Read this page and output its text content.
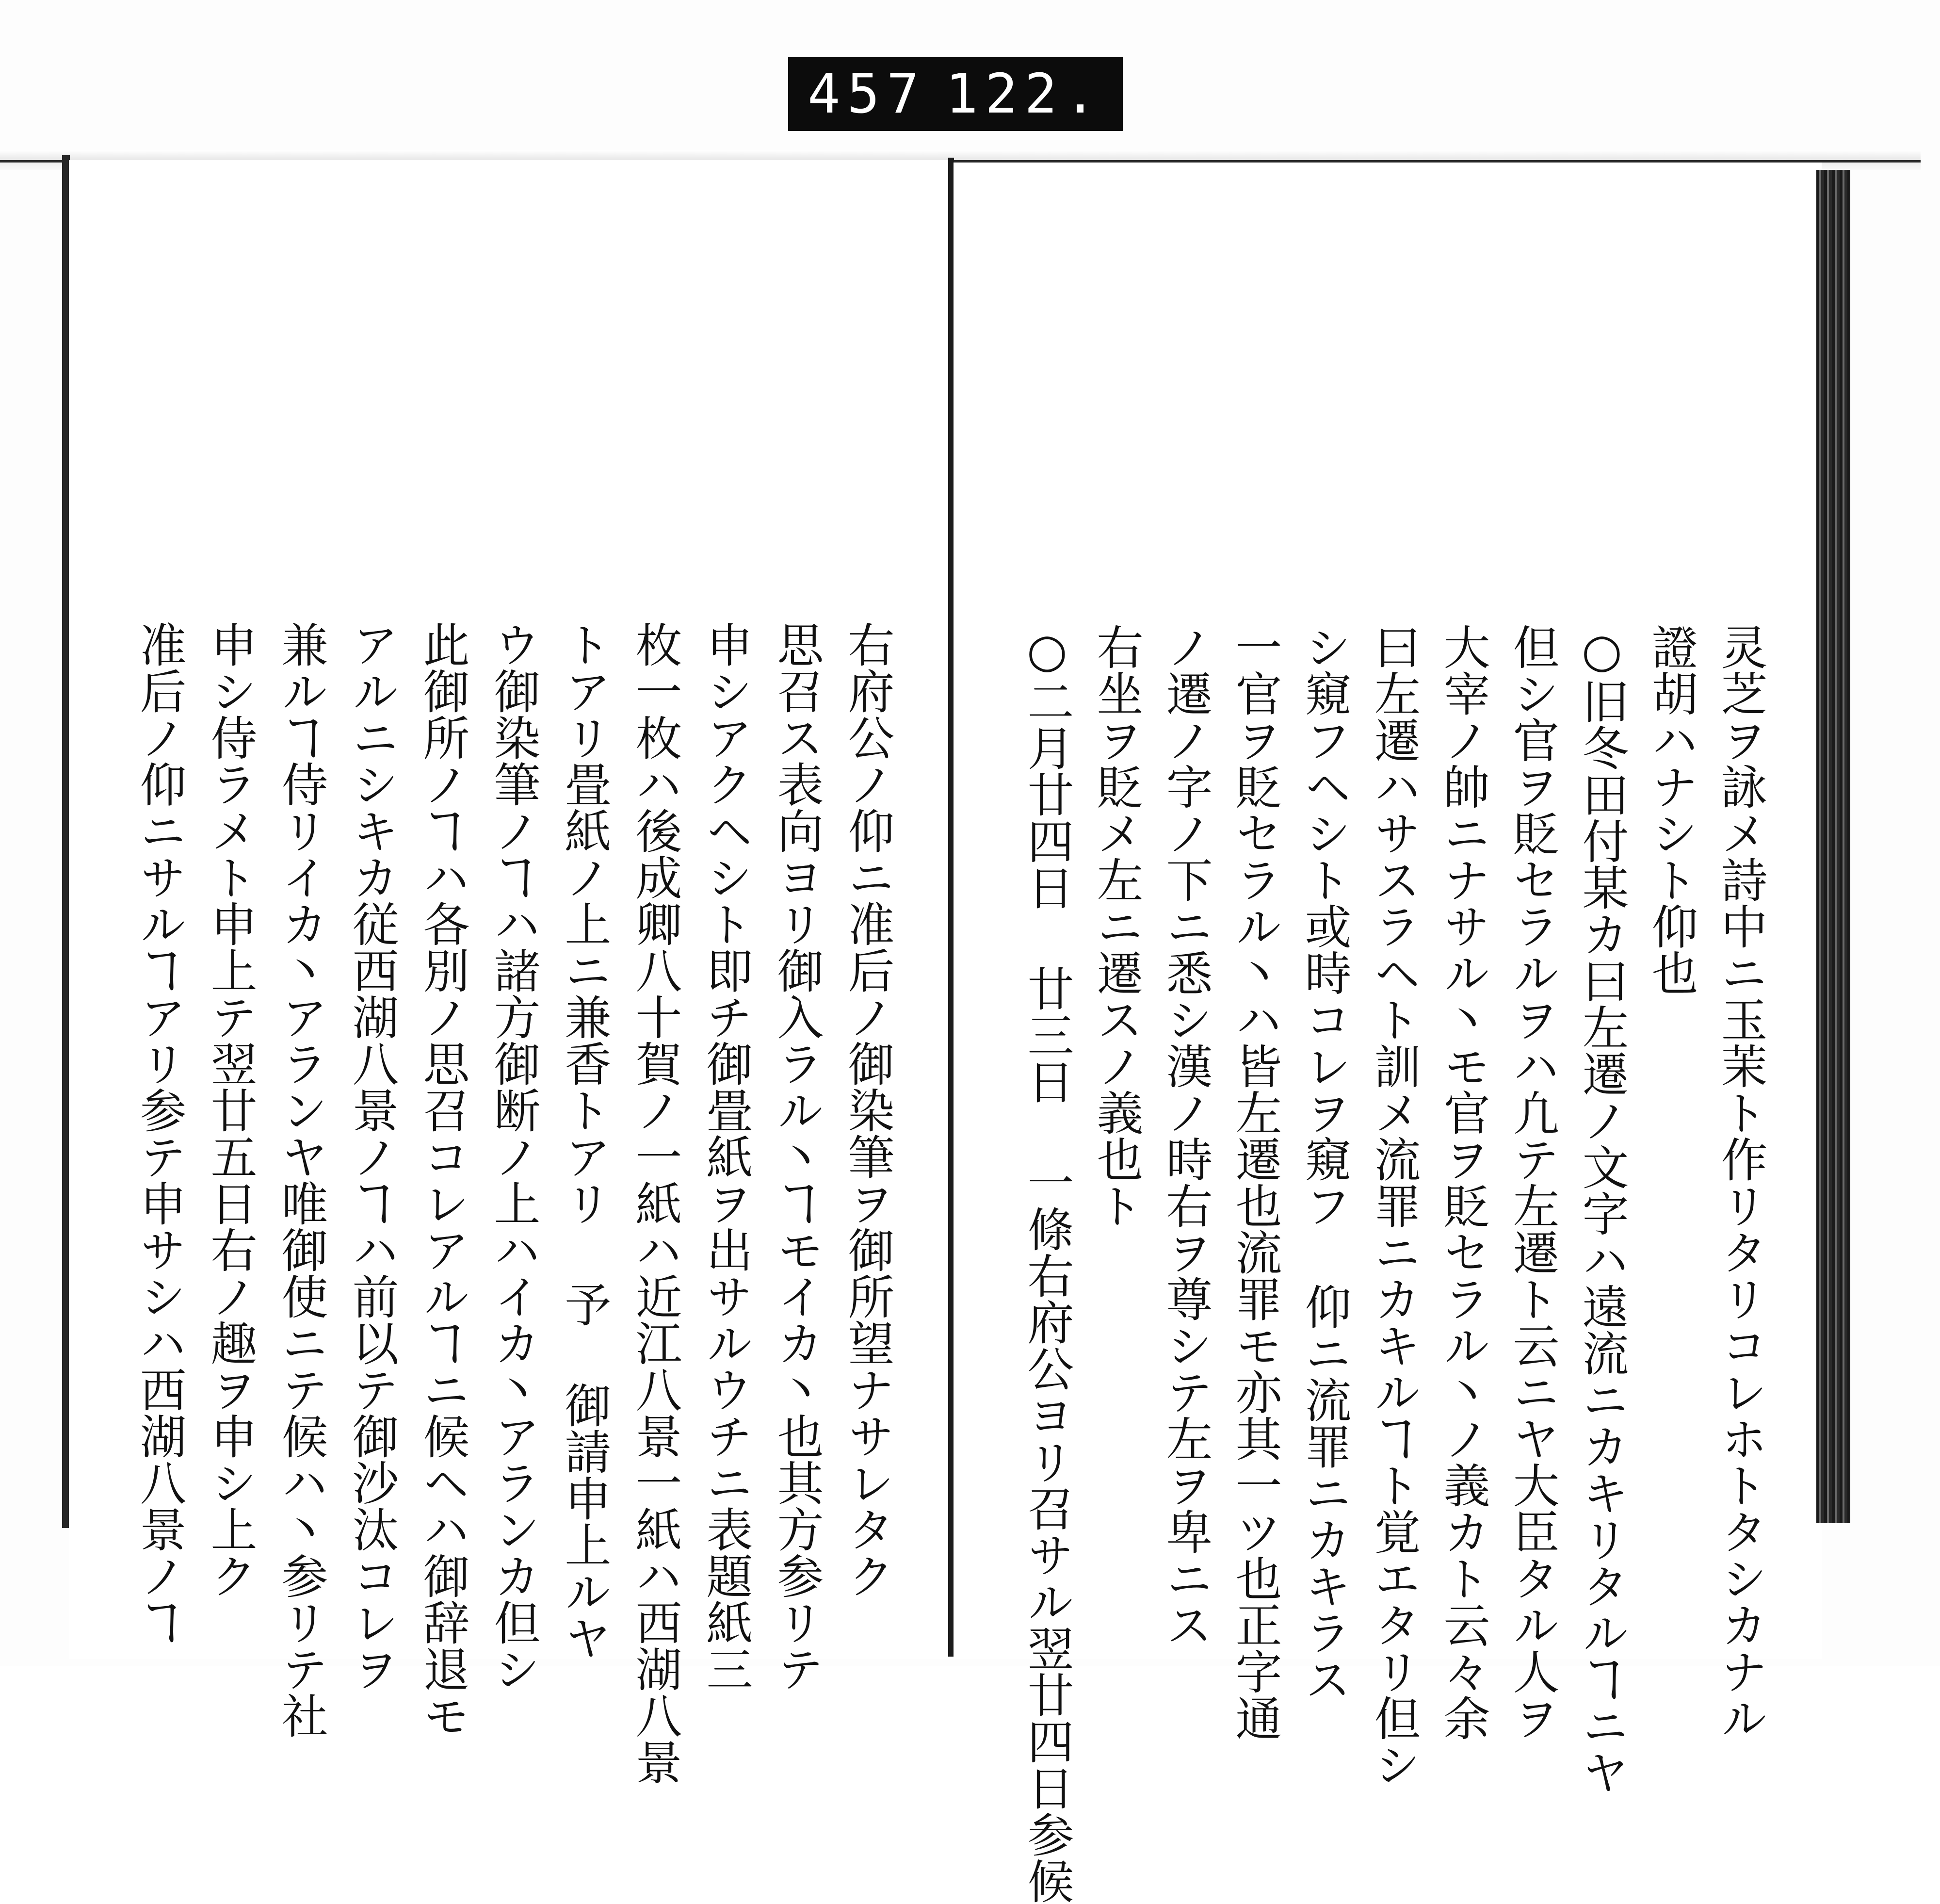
457 122.
右府公ノ仰ニ准后ノ御染筆ヲ御所望ナサレタク
思召ス表向ヨリ御入ラル丶ヿモイカ丶也其方参リテ
申シアクヘシト即チ御畳紙ヲ出サルウチニ表題紙三
枚一枚ハ後成卿八十賀ノ一紙ハ近江八景一紙ハ西湖八景
トアリ畳紙ノ上ニ兼香トアリ 予 御請申上ルヤ
ウ御染筆ノヿハ諸方御断ノ上ハイカ丶アランカ但シ
此御所ノヿハ各別ノ思召コレアルヿニ候ヘハ御辞退モ
アルニシキカ従西湖八景ノヿハ前以テ御沙汰コレヲ
兼ルヿ侍リイカ丶アランヤ唯御使ニテ候ハ丶参リテ社
申シ侍ラメト申上テ翌廿五日右ノ趣ヲ申シ上ク
准后ノ仰ニサルヿアリ参テ申サシハ西湖八景ノヿ	灵芝ヲ詠メ詩中ニ玉茉ト作リタリコレホトタシカナル
證胡ハナシト仰也
○旧冬田付某カ曰左遷ノ文字ハ遠流ニカキリタルヿニヤ
但シ官ヲ貶セラルヲハ凢テ左遷ト云ニヤ大臣タル人ヲ
大宰ノ帥ニナサル丶モ官ヲ貶セラル丶ノ義カト云々余
曰左遷ハサスラヘト訓メ流罪ニカキルヿト覚エタリ但シ
シ窺フヘシト或時コレヲ窺フ 仰ニ流罪ニカキラス
一官ヲ貶セラル丶ハ皆左遷也流罪モ亦其一ツ也正字通
ノ遷ノ字ノ下ニ悉シ漢ノ時右ヲ尊シテ左ヲ卑ニス
右坐ヲ貶メ左ニ遷スノ義也ト
○二月廿四日 廿三日 一條右府公ヨリ召サル翌廿四日参候
